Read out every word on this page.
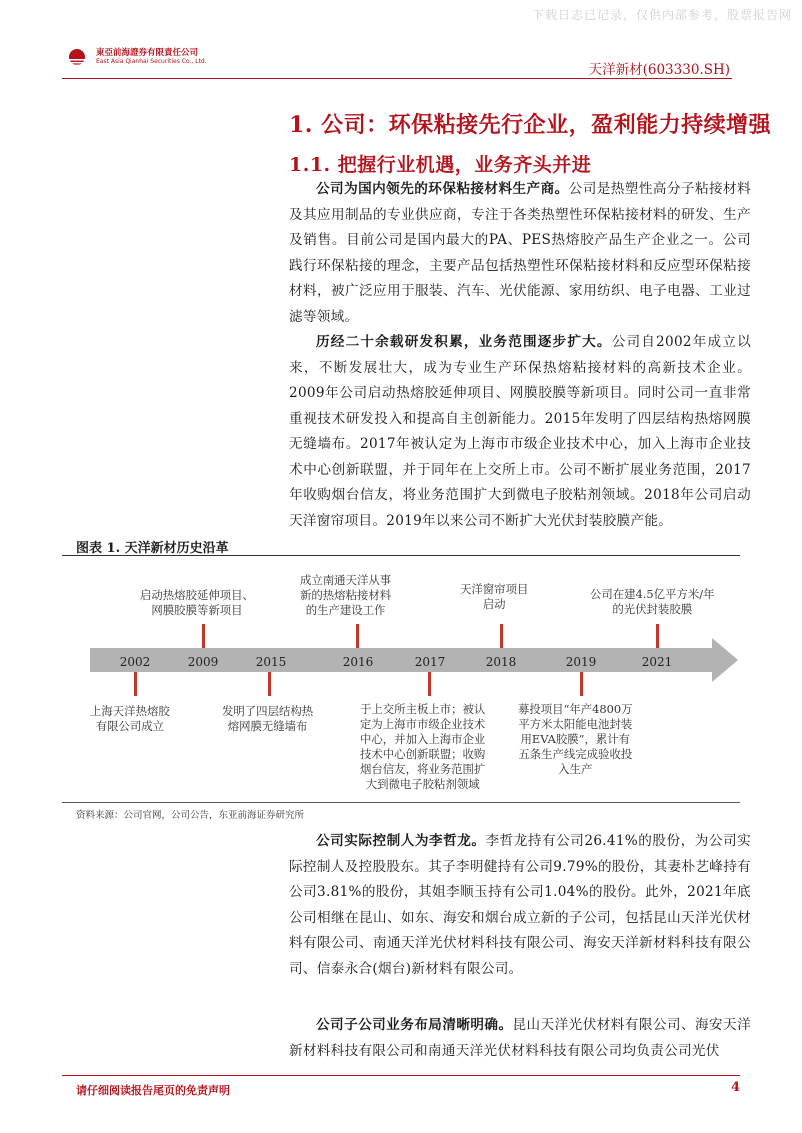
下载日志已记录，仅供内部参考，股票报告网
東亞前海證券有限責任公司
East Asia Qianhai Securities Co., Ltd.
天洋新材(603330.SH)
1. 公司：环保粘接先行企业，盈利能力持续增强
1.1. 把握行业机遇，业务齐头并进

公司为国内领先的环保粘接材料生产商。公司是热塑性高分子粘接材料及其应用制品的专业供应商，专注于各类热塑性环保粘接材料的研发、生产及销售。目前公司是国内最大的PA、PES热熔胶产品生产企业之一。公司践行环保粘接的理念，主要产品包括热塑性环保粘接材料和反应型环保粘接材料，被广泛应用于服装、汽车、光伏能源、家用纺织、电子电器、工业过滤等领域。

历经二十余载研发积累，业务范围逐步扩大。公司自2002年成立以来，不断发展壮大，成为专业生产环保热熔粘接材料的高新技术企业。2009年公司启动热熔胶延伸项目、网膜胶膜等新项目。同时公司一直非常重视技术研发投入和提高自主创新能力。2015年发明了四层结构热熔网膜无缝墙布。2017年被认定为上海市市级企业技术中心，加入上海市企业技术中心创新联盟，并于同年在上交所上市。公司不断扩展业务范围，2017年收购烟台信友，将业务范围扩大到微电子胶粘剂领域。2018年公司启动天洋窗帘项目。2019年以来公司不断扩大光伏封装胶膜产能。

图表 1. 天洋新材历史沿革
2002	2009	2015	2016	2017	2018	2019	2021
启动热熔胶延伸项目、
网膜胶膜等新项目
成立南通天洋从事
新的热熔粘接材料
的生产建设工作
天洋窗帘项目
启动
公司在建4.5亿平方米/年
的光伏封装胶膜
上海天洋热熔胶
有限公司成立
发明了四层结构热
熔网膜无缝墙布
于上交所主板上市；被认
定为上海市市级企业技术
中心，并加入上海市企业
技术中心创新联盟；收购
烟台信友，将业务范围扩
大到微电子胶粘剂领域
募投项目“年产4800万
平方米太阳能电池封装
用EVA胶膜”，累计有
五条生产线完成验收投
入生产
资料来源：公司官网，公司公告，东亚前海证券研究所

公司实际控制人为李哲龙。李哲龙持有公司26.41%的股份，为公司实际控制人及控股股东。其子李明健持有公司9.79%的股份，其妻朴艺峰持有公司3.81%的股份，其姐李顺玉持有公司1.04%的股份。此外，2021年底公司相继在昆山、如东、海安和烟台成立新的子公司，包括昆山天洋光伏材料有限公司、南通天洋光伏材料科技有限公司、海安天洋新材料科技有限公司、信泰永合(烟台)新材料有限公司。

公司子公司业务布局清晰明确。昆山天洋光伏材料有限公司、海安天洋新材料科技有限公司和南通天洋光伏材料科技有限公司均负责公司光伏

请仔细阅读报告尾页的免责声明	4
